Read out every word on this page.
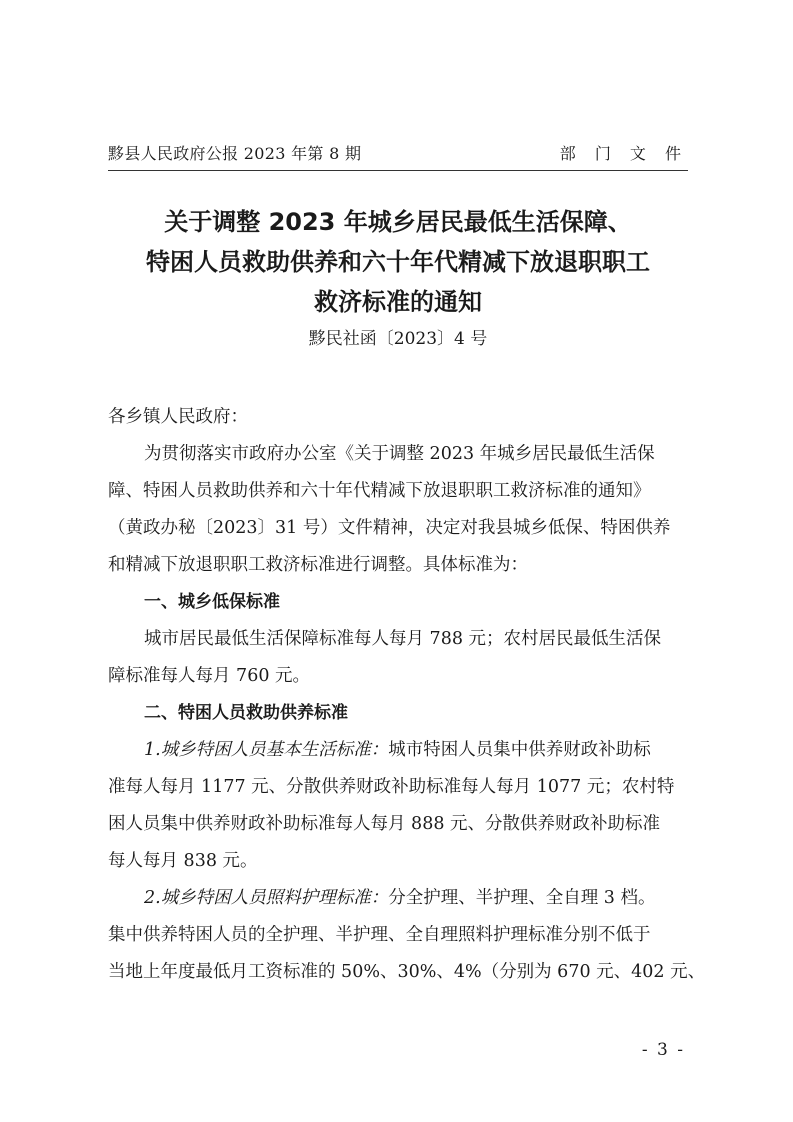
黟县人民政府公报 2023 年第 8 期	部 门 文 件
关于调整 2023 年城乡居民最低生活保障、
特困人员救助供养和六十年代精减下放退职职工
救济标准的通知
黟民社函〔2023〕4 号
各乡镇人民政府：
为贯彻落实市政府办公室《关于调整 2023 年城乡居民最低生活保
障、特困人员救助供养和六十年代精减下放退职职工救济标准的通知》
（黄政办秘〔2023〕31 号）文件精神，决定对我县城乡低保、特困供养
和精减下放退职职工救济标准进行调整。具体标准为：
一、城乡低保标准
城市居民最低生活保障标准每人每月 788 元；农村居民最低生活保
障标准每人每月 760 元。
二、特困人员救助供养标准
1.城乡特困人员基本生活标准：城市特困人员集中供养财政补助标
准每人每月 1177 元、分散供养财政补助标准每人每月 1077 元；农村特
困人员集中供养财政补助标准每人每月 888 元、分散供养财政补助标准
每人每月 838 元。
2.城乡特困人员照料护理标准：分全护理、半护理、全自理 3 档。
集中供养特困人员的全护理、半护理、全自理照料护理标准分别不低于
当地上年度最低月工资标准的 50%、30%、4%（分别为 670 元、402 元、
- 3 -
